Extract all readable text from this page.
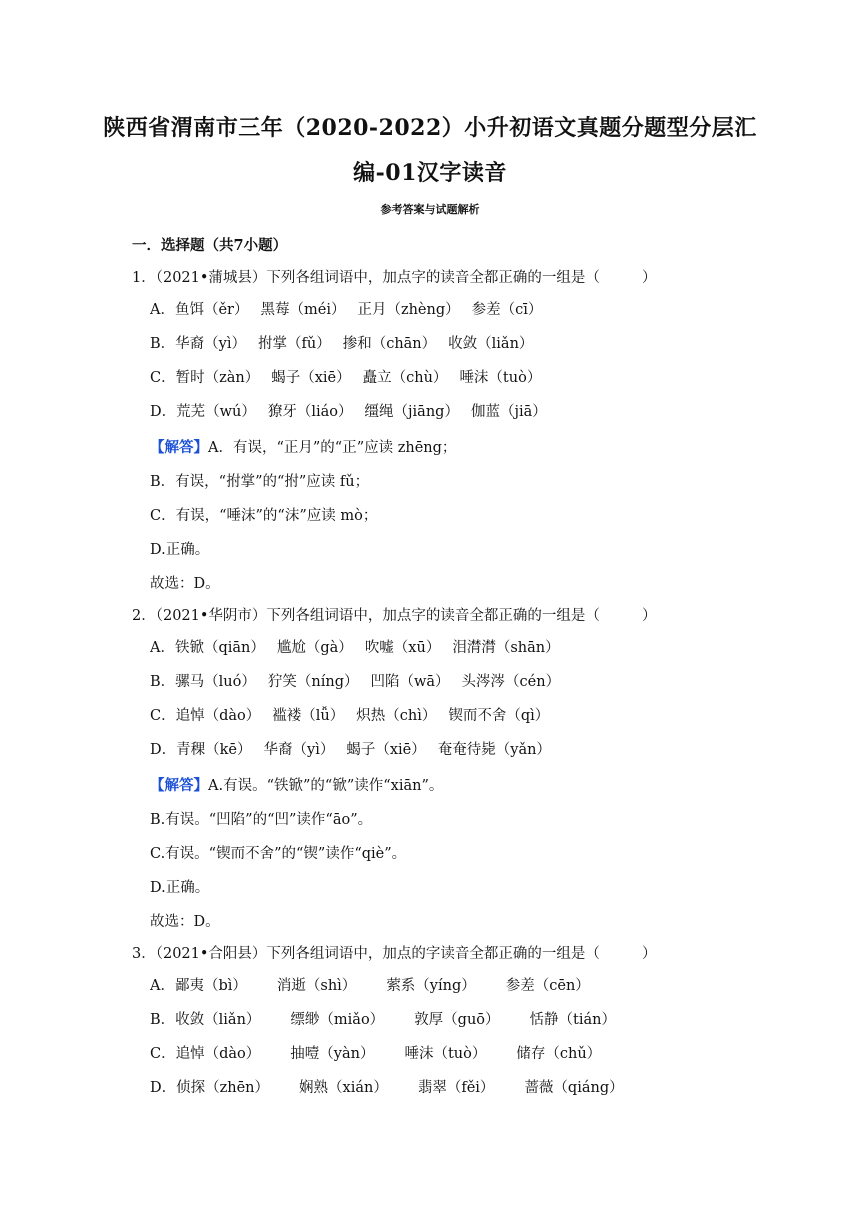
陕西省渭南市三年（2020-2022）小升初语文真题分题型分层汇
编-01汉字读音
参考答案与试题解析
一．选择题（共7小题）
1．（2021•蒲城县）下列各组词语中，加点字的读音全都正确的一组是（	）
A．鱼饵（ěr） 黑莓（méi） 正月（zhèng） 参差（cī）
B．华裔（yì） 拊掌（fǔ） 掺和（chān） 收敛（liǎn）
C．暂时（zàn） 蝎子（xiē） 矗立（chù） 唾沫（tuò）
D．荒芜（wú） 獠牙（liáo） 缰绳（jiāng） 伽蓝（jiā）
【解答】A．有误，“正月”的“正”应读 zhēng；
B．有误，“拊掌”的“拊”应读 fǔ；
C．有误，“唾沫”的“沫”应读 mò；
D.正确。
故选：D。
2．（2021•华阴市）下列各组词语中，加点字的读音全都正确的一组是（	）
A．铁锨（qiān） 尴尬（gà） 吹嘘（xū） 泪潸潸（shān）
B．骡马（luó） 狞笑（níng） 凹陷（wā） 头涔涔（cén）
C．追悼（dào） 褴褛（lǚ） 炽热（chì） 锲而不舍（qì）
D．青稞（kē） 华裔（yì） 蝎子（xiē） 奄奄待毙（yǎn）
【解答】A.有误。“铁锨”的“锨”读作“xiān”。
B.有误。“凹陷”的“凹”读作“āo”。
C.有误。“锲而不舍”的“锲”读作“qiè”。
D.正确。
故选：D。
3．（2021•合阳县）下列各组词语中，加点的字读音全都正确的一组是（	）
A．鄙夷（bì） 消逝（shì） 萦系（yíng） 参差（cēn）
B．收敛（liǎn） 缥缈（miǎo） 敦厚（guō） 恬静（tián）
C．追悼（dào） 抽噎（yàn） 唾沫（tuò） 储存（chǔ）
D．侦探（zhēn） 娴熟（xián） 翡翠（fěi） 蔷薇（qiáng）
